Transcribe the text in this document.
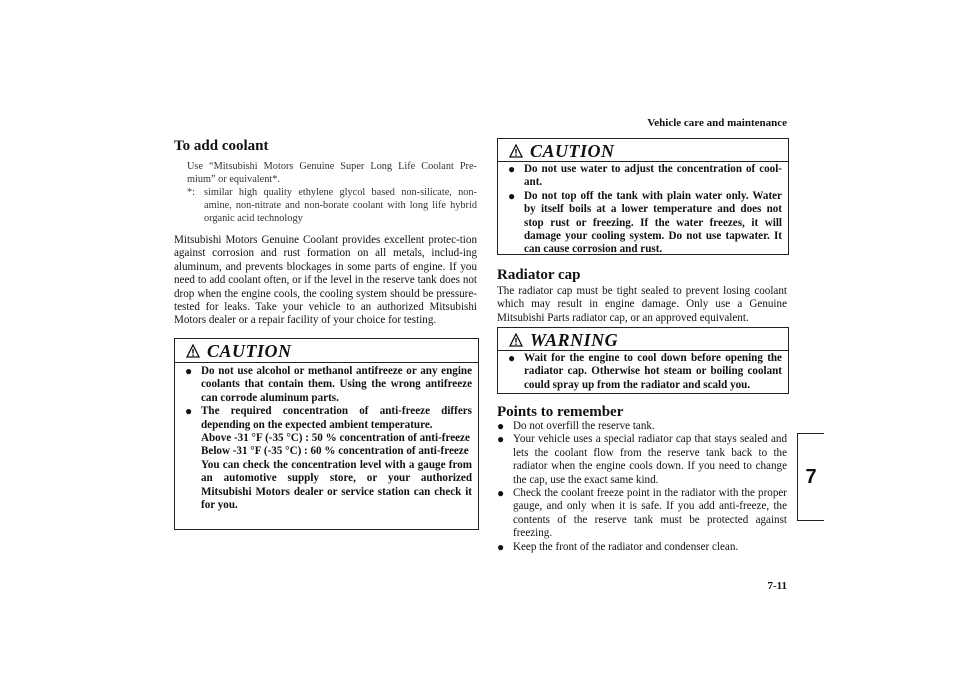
Vehicle care and maintenance
To add coolant
Use “Mitsubishi Motors Genuine Super Long Life Coolant Pre-mium” or equivalent*.
*: similar high quality ethylene glycol based non-silicate, non-amine, non-nitrate and non-borate coolant with long life hybrid organic acid technology
Mitsubishi Motors Genuine Coolant provides excellent protec-tion against corrosion and rust formation on all metals, includ-ing aluminum, and prevents blockages in some parts of engine. If you need to add coolant often, or if the level in the reserve tank does not drop when the engine cools, the cooling system should be pressure-tested for leaks. Take your vehicle to an authorized Mitsubishi Motors dealer or a repair facility of your choice for testing.
CAUTION
● Do not use alcohol or methanol antifreeze or any engine coolants that contain them. Using the wrong antifreeze can corrode aluminum parts.
● The required concentration of anti-freeze differs depending on the expected ambient temperature.
Above -31 °F (-35 °C) : 50 % concentration of anti-freeze
Below -31 °F (-35 °C) : 60 % concentration of anti-freeze
You can check the concentration level with a gauge from an automotive supply store, or your authorized Mitsubishi Motors dealer or service station can check it for you.
CAUTION
● Do not use water to adjust the concentration of cool-ant.
● Do not top off the tank with plain water only. Water by itself boils at a lower temperature and does not stop rust or freezing. If the water freezes, it will damage your cooling system. Do not use tapwater. It can cause corrosion and rust.
Radiator cap
The radiator cap must be tight sealed to prevent losing coolant which may result in engine damage. Only use a Genuine Mitsubishi Parts radiator cap, or an approved equivalent.
WARNING
● Wait for the engine to cool down before opening the radiator cap. Otherwise hot steam or boiling coolant could spray up from the radiator and scald you.
Points to remember
● Do not overfill the reserve tank.
● Your vehicle uses a special radiator cap that stays sealed and lets the coolant flow from the reserve tank back to the radiator when the engine cools down. If you need to change the cap, use the exact same kind.
● Check the coolant freeze point in the radiator with the proper gauge, and only when it is safe. If you add anti-freeze, the contents of the reserve tank must be protected against freezing.
● Keep the front of the radiator and condenser clean.
7
7-11
